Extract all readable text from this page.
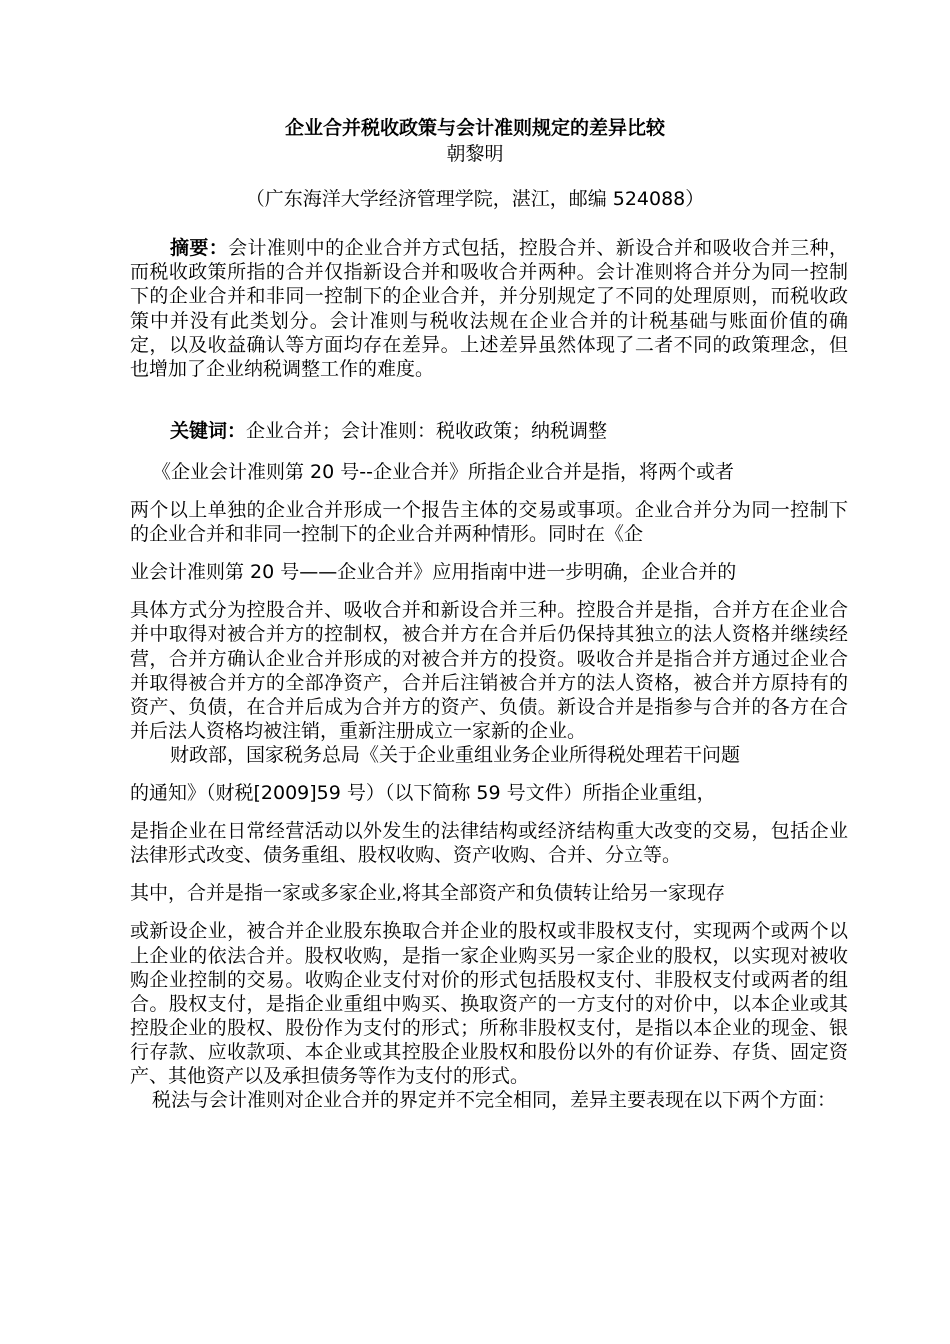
企业合并税收政策与会计准则规定的差异比较
朝黎明
（广东海洋大学经济管理学院，湛江，邮编 524088）
摘要：会计准则中的企业合并方式包括，控股合并、新设合并和吸收合并三种，而税收政策所指的合并仅指新设合并和吸收合并两种。会计准则将合并分为同一控制下的企业合并和非同一控制下的企业合并，并分别规定了不同的处理原则，而税收政策中并没有此类划分。会计准则与税收法规在企业合并的计税基础与账面价值的确定，以及收益确认等方面均存在差异。上述差异虽然体现了二者不同的政策理念，但也增加了企业纳税调整工作的难度。
关键词：企业合并；会计准则：税收政策；纳税调整

《企业会计准则第 20 号--企业合并》所指企业合并是指，将两个或者

两个以上单独的企业合并形成一个报告主体的交易或事项。企业合并分为同一控制下的企业合并和非同一控制下的企业合并两种情形。同时在《企

业会计准则第 20 号——企业合并》应用指南中进一步明确，企业合并的

具体方式分为控股合并、吸收合并和新设合并三种。控股合并是指，合并方在企业合并中取得对被合并方的控制权，被合并方在合并后仍保持其独立的法人资格并继续经营，合并方确认企业合并形成的对被合并方的投资。吸收合并是指合并方通过企业合并取得被合并方的全部净资产，合并后注销被合并方的法人资格，被合并方原持有的资产、负债，在合并后成为合并方的资产、负债。新设合并是指参与合并的各方在合并后法人资格均被注销，重新注册成立一家新的企业。

财政部，国家税务总局《关于企业重组业务企业所得税处理若干问题

的通知》（财税[2009]59 号）（以下简称 59 号文件）所指企业重组，

是指企业在日常经营活动以外发生的法律结构或经济结构重大改变的交易，包括企业法律形式改变、债务重组、股权收购、资产收购、合并、分立等。

其中，合并是指一家或多家企业,将其全部资产和负债转让给另一家现存

或新设企业，被合并企业股东换取合并企业的股权或非股权支付，实现两个或两个以上企业的依法合并。股权收购，是指一家企业购买另一家企业的股权，以实现对被收购企业控制的交易。收购企业支付对价的形式包括股权支付、非股权支付或两者的组合。股权支付，是指企业重组中购买、换取资产的一方支付的对价中，以本企业或其控股企业的股权、股份作为支付的形式；所称非股权支付，是指以本企业的现金、银行存款、应收款项、本企业或其控股企业股权和股份以外的有价证券、存货、固定资产、其他资产以及承担债务等作为支付的形式。

税法与会计准则对企业合并的界定并不完全相同，差异主要表现在以下两个方面：
